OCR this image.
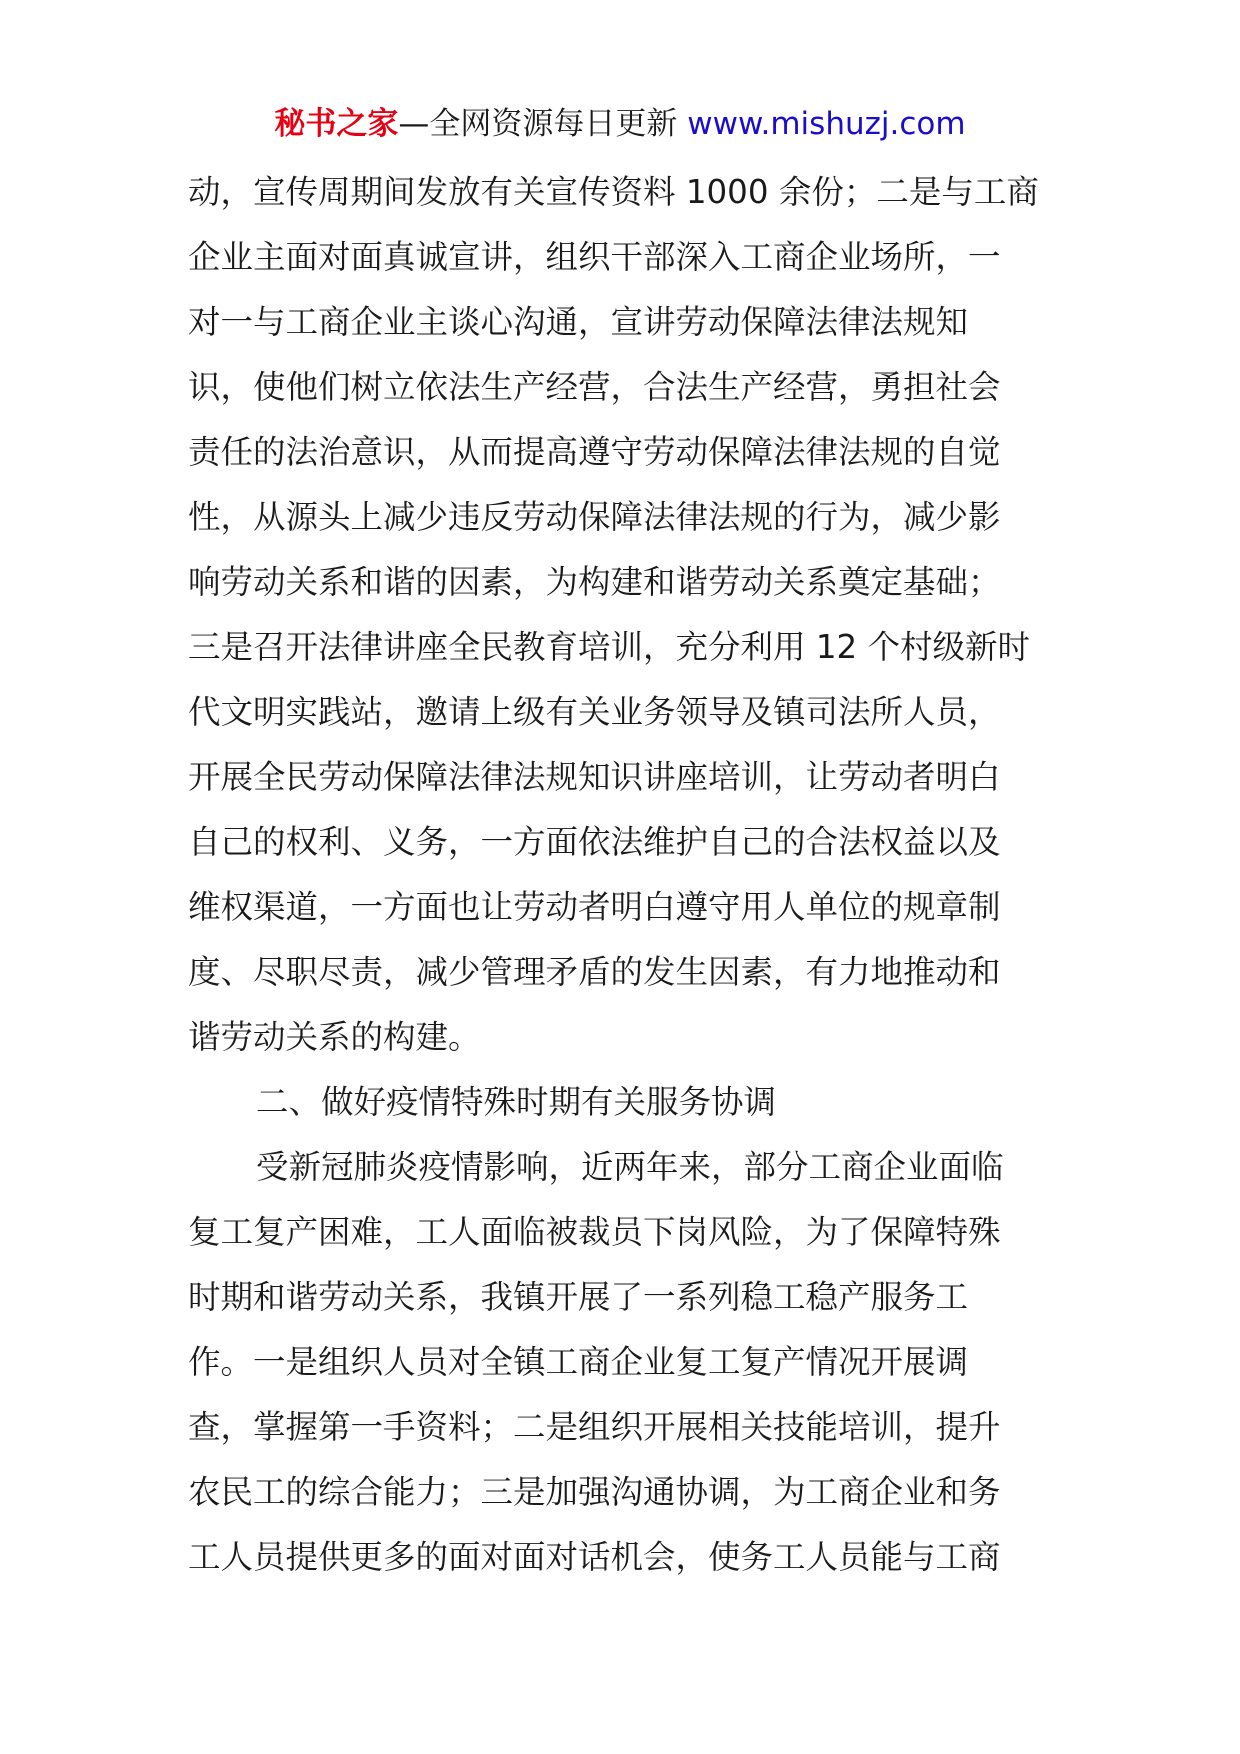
秘书之家—全网资源每日更新 www.mishuzj.com
动，宣传周期间发放有关宣传资料 1000 余份；二是与工商
企业主面对面真诚宣讲，组织干部深入工商企业场所，一
对一与工商企业主谈心沟通，宣讲劳动保障法律法规知
识，使他们树立依法生产经营，合法生产经营，勇担社会
责任的法治意识，从而提高遵守劳动保障法律法规的自觉
性，从源头上减少违反劳动保障法律法规的行为，减少影
响劳动关系和谐的因素，为构建和谐劳动关系奠定基础；
三是召开法律讲座全民教育培训，充分利用 12 个村级新时
代文明实践站，邀请上级有关业务领导及镇司法所人员，
开展全民劳动保障法律法规知识讲座培训，让劳动者明白
自己的权利、义务，一方面依法维护自己的合法权益以及
维权渠道，一方面也让劳动者明白遵守用人单位的规章制
度、尽职尽责，减少管理矛盾的发生因素，有力地推动和
谐劳动关系的构建。
二、做好疫情特殊时期有关服务协调
受新冠肺炎疫情影响，近两年来，部分工商企业面临
复工复产困难，工人面临被裁员下岗风险，为了保障特殊
时期和谐劳动关系，我镇开展了一系列稳工稳产服务工
作。一是组织人员对全镇工商企业复工复产情况开展调
查，掌握第一手资料；二是组织开展相关技能培训，提升
农民工的综合能力；三是加强沟通协调，为工商企业和务
工人员提供更多的面对面对话机会，使务工人员能与工商
